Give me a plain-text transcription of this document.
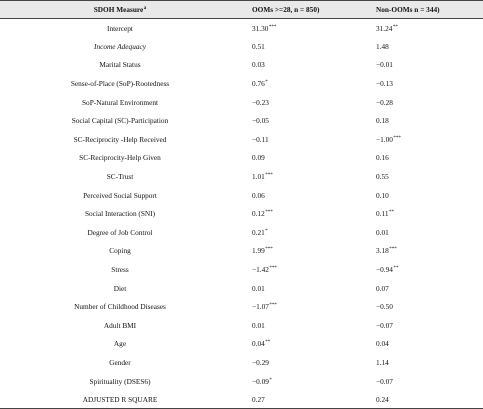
SDOH Measure$^a$	OOMs >=28, n = 850)	Non-OOMs n = 344)
Intercept	31.30***	31.24**
Income Adequacy	0.51	1.48
Marital Status	0.03	−0.01
Sense-of-Place (SoP)-Rootedness	0.76*	−0.13
SoP-Natural Environment	−0.23	−0.28
Social Capital (SC)-Participation	−0.05	0.18
SC-Reciprocity -Help Received	−0.11	−1.00***
SC-Reciprocity-Help Given	0.09	0.16
SC-Trust	1.01***	0.55
Perceived Social Support	0.06	0.10
Social Interaction (SNI)	0.12***	0.11**
Degree of Job Control	0.21*	0.01
Coping	1.99***	3.18***
Stress	−1.42***	−0.94**
Diet	0.01	0.07
Number of Childhood Diseases	−1.07***	−0.50
Adult BMI	0.01	−0.07
Age	0.04**	0.04
Gender	−0.29	1.14
Spirituality (DSES6)	−0.09*	−0.07
ADJUSTED R SQUARE	0.27	0.24
